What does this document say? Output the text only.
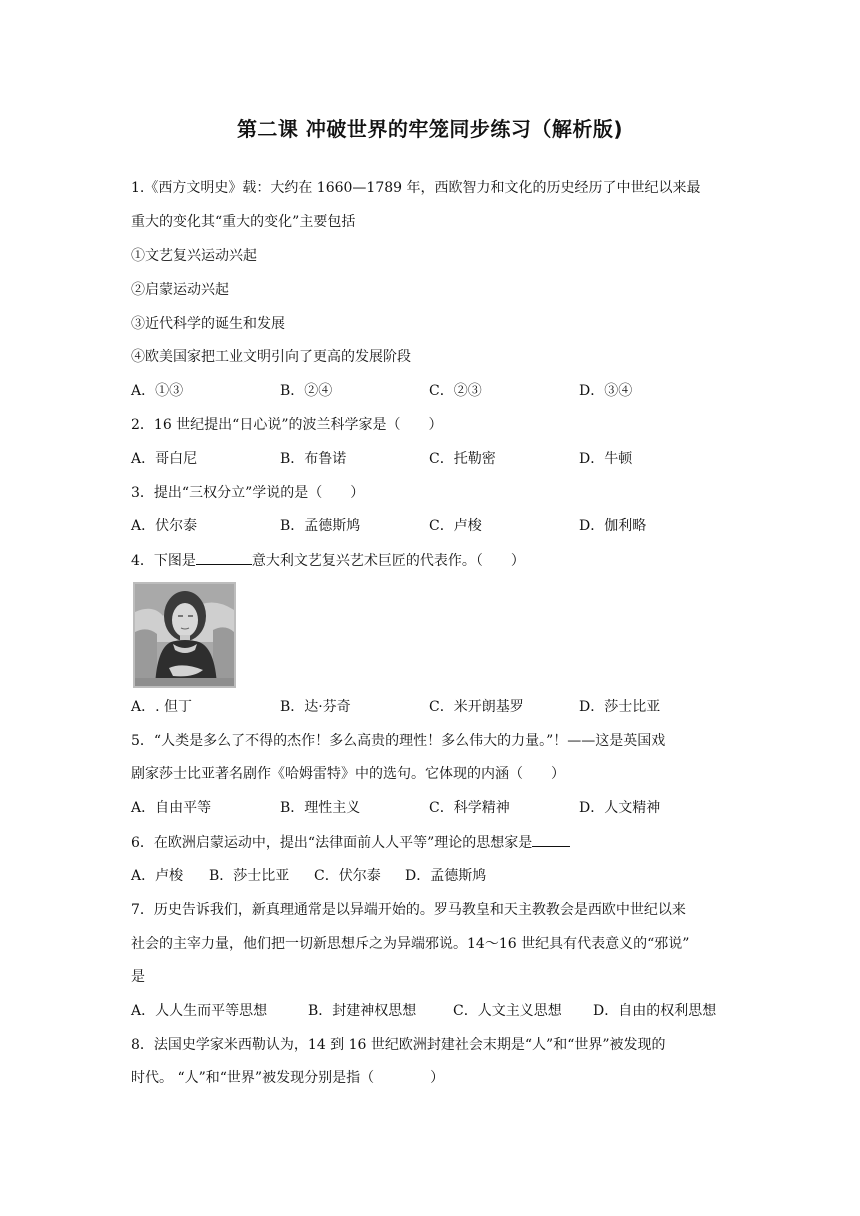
第二课 冲破世界的牢笼同步练习（解析版)
1.《西方文明史》载：大约在 1660—1789 年，西欧智力和文化的历史经历了中世纪以来最
重大的变化其“重大的变化”主要包括
①文艺复兴运动兴起
②启蒙运动兴起
③近代科学的诞生和发展
④欧美国家把工业文明引向了更高的发展阶段
A．①③	B．②④	C．②③	D．③④
2．16 世纪提出“日心说”的波兰科学家是（　　）
A．哥白尼	B．布鲁诺	C．托勒密	D．牛顿
3．提出“三权分立”学说的是（　　）
A．伏尔泰	B．孟德斯鸠	C．卢梭	D．伽利略
4．下图是	意大利文艺复兴艺术巨匠的代表作。（　　）
A．. 但丁	B．达·芬奇	C．米开朗基罗	D．莎士比亚
5．“人类是多么了不得的杰作！多么高贵的理性！多么伟大的力量。”！——这是英国戏
剧家莎士比亚著名剧作《哈姆雷特》中的选句。它体现的内涵（　　）
A．自由平等	B．理性主义	C．科学精神	D．人文精神
6．在欧洲启蒙运动中，提出“法律面前人人平等”理论的思想家是
A．卢梭 B．莎士比亚 C．伏尔泰 D．孟德斯鸠
7．历史告诉我们，新真理通常是以异端开始的。罗马教皇和天主教教会是西欧中世纪以来
社会的主宰力量，他们把一切新思想斥之为异端邪说。14～16 世纪具有代表意义的“邪说”
是
A．人人生而平等思想	B．封建神权思想	C．人文主义思想 D．自由的权利思想
8．法国史学家米西勒认为，14 到 16 世纪欧洲封建社会末期是“人”和“世界”被发现的
时代。 “人”和“世界”被发现分别是指（　　　　）
